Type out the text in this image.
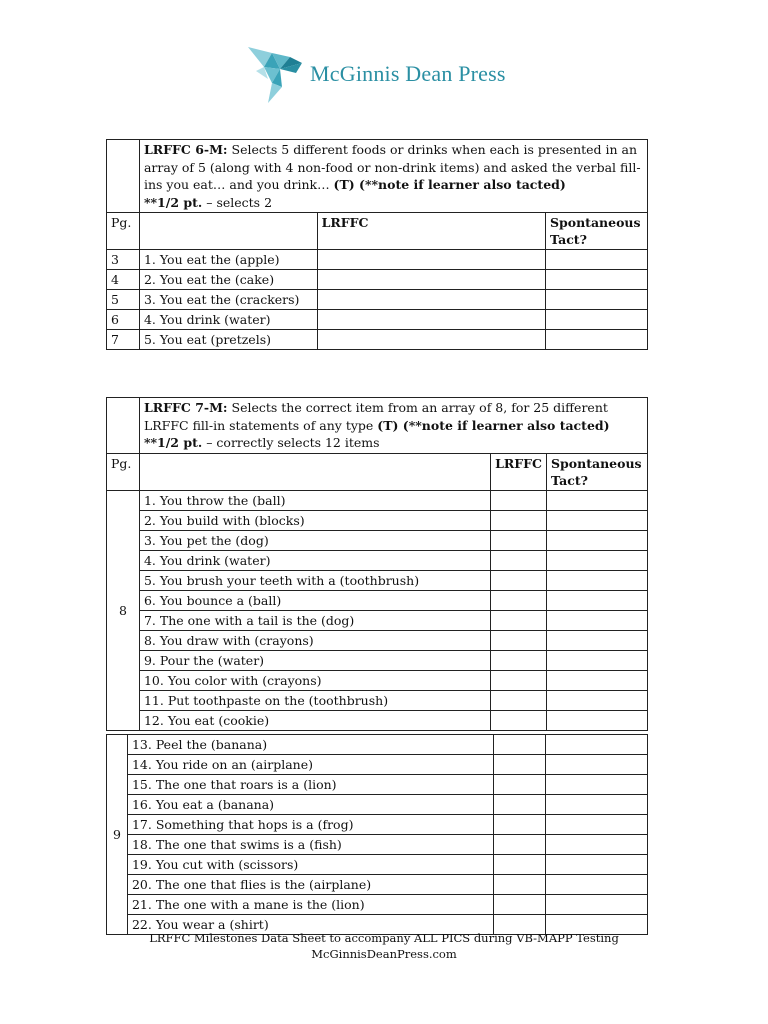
McGinnis Dean Press
	LRFFC 6-M: Selects 5 different foods or drinks when each is presented in an array of 5 (along with 4 non-food or non-drink items) and asked the verbal fill-ins you eat… and you drink… (T) (**note if learner also tacted)
**1/2 pt. – selects 2		
Pg.		LRFFC	Spontaneous Tact?
3	1. You eat the (apple)		
4	2. You eat the (cake)		
5	3. You eat the (crackers)		
6	4. You drink (water)		
7	5. You eat (pretzels)		
	LRFFC 7-M: Selects the correct item from an array of 8, for 25 different LRFFC fill-in statements of any type (T) (**note if learner also tacted)
**1/2 pt. – correctly selects 12 items		
Pg.		LRFFC	Spontaneous Tact?
8	1. You throw the (ball)		
	2. You build with (blocks)		
	3. You pet the (dog)		
	4. You drink (water)		
	5. You brush your teeth with a (toothbrush)		
	6. You bounce a (ball)		
	7. The one with a tail is the (dog)		
	8. You draw with (crayons)		
	9. Pour the (water)		
	10. You color with (crayons)		
	11. Put toothpaste on the (toothbrush)		
	12. You eat (cookie)		
9	13. Peel the (banana)		
	14. You ride on an (airplane)		
	15. The one that roars is a (lion)		
	16. You eat a (banana)		
	17. Something that hops is a (frog)		
	18. The one that swims is a (fish)		
	19. You cut with (scissors)		
	20. The one that flies is the (airplane)		
	21. The one with a mane is the (lion)		
	22. You wear a (shirt)		
LRFFC Milestones Data Sheet to accompany ALL PICS during VB-MAPP Testing
McGinnisDeanPress.com
